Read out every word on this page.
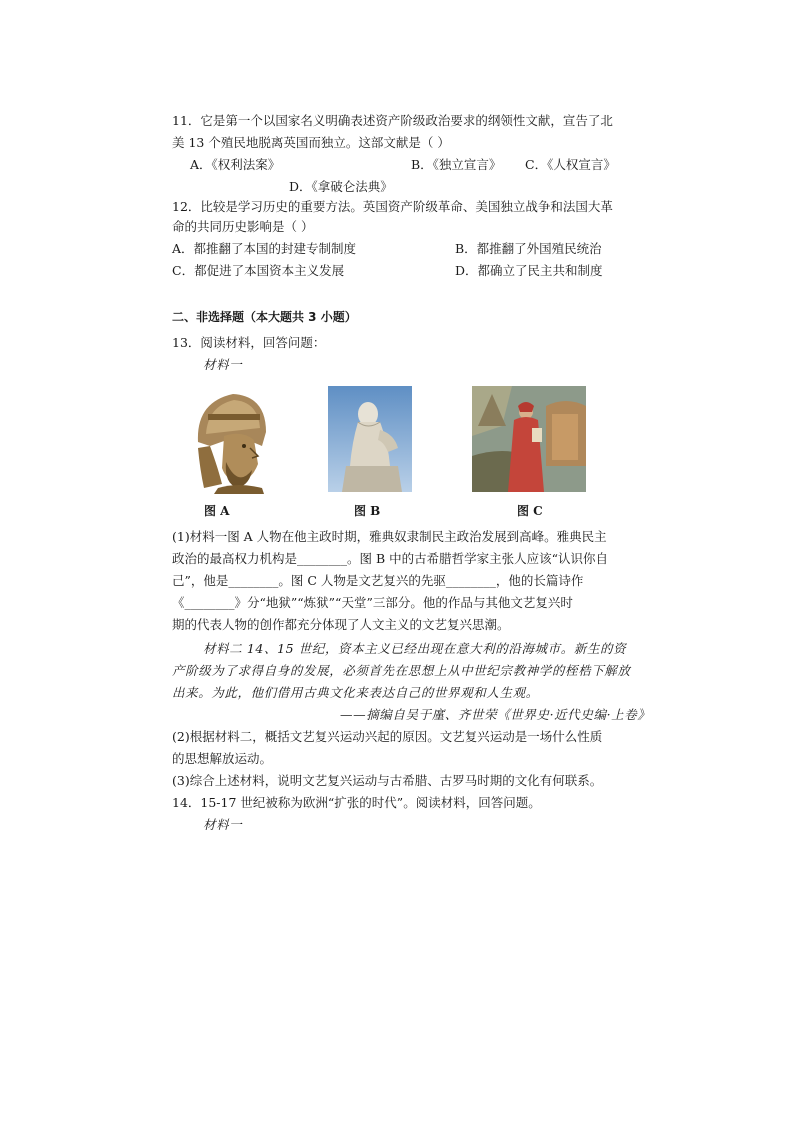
11．它是第一个以国家名义明确表述资产阶级政治要求的纲领性文献，宣告了北
美 13 个殖民地脱离英国而独立。这部文献是（ ）
A．《权利法案》	B．《独立宣言》 C．《人权宣言》
D．《拿破仑法典》
12．比较是学习历史的重要方法。英国资产阶级革命、美国独立战争和法国大革
命的共同历史影响是（ ）
A．都推翻了本国的封建专制制度	B．都推翻了外国殖民统治
C．都促进了本国资本主义发展	D．都确立了民主共和制度
二、非选择题（本大题共 3 小题）
13．阅读材料，回答问题：
材料一
图 A	图 B	图 C
(1)材料一图 A 人物在他主政时期，雅典奴隶制民主政治发展到高峰。雅典民主
政治的最高权力机构是________。图 B 中的古希腊哲学家主张人应该“认识你自
己”，他是________。图 C 人物是文艺复兴的先驱________，他的长篇诗作
《________》分“地狱”“炼狱”“天堂”三部分。他的作品与其他文艺复兴时
期的代表人物的创作都充分体现了人文主义的文艺复兴思潮。
材料二 14、15 世纪，资本主义已经出现在意大利的沿海城市。新生的资
产阶级为了求得自身的发展，必须首先在思想上从中世纪宗教神学的桎梏下解放
出来。为此，他们借用古典文化来表达自己的世界观和人生观。
——摘编自吴于廑、齐世荣《世界史·近代史编·上卷》
(2)根据材料二，概括文艺复兴运动兴起的原因。文艺复兴运动是一场什么性质
的思想解放运动。
(3)综合上述材料，说明文艺复兴运动与古希腊、古罗马时期的文化有何联系。
14．15-17 世纪被称为欧洲“扩张的时代”。阅读材料，回答问题。
材料一
